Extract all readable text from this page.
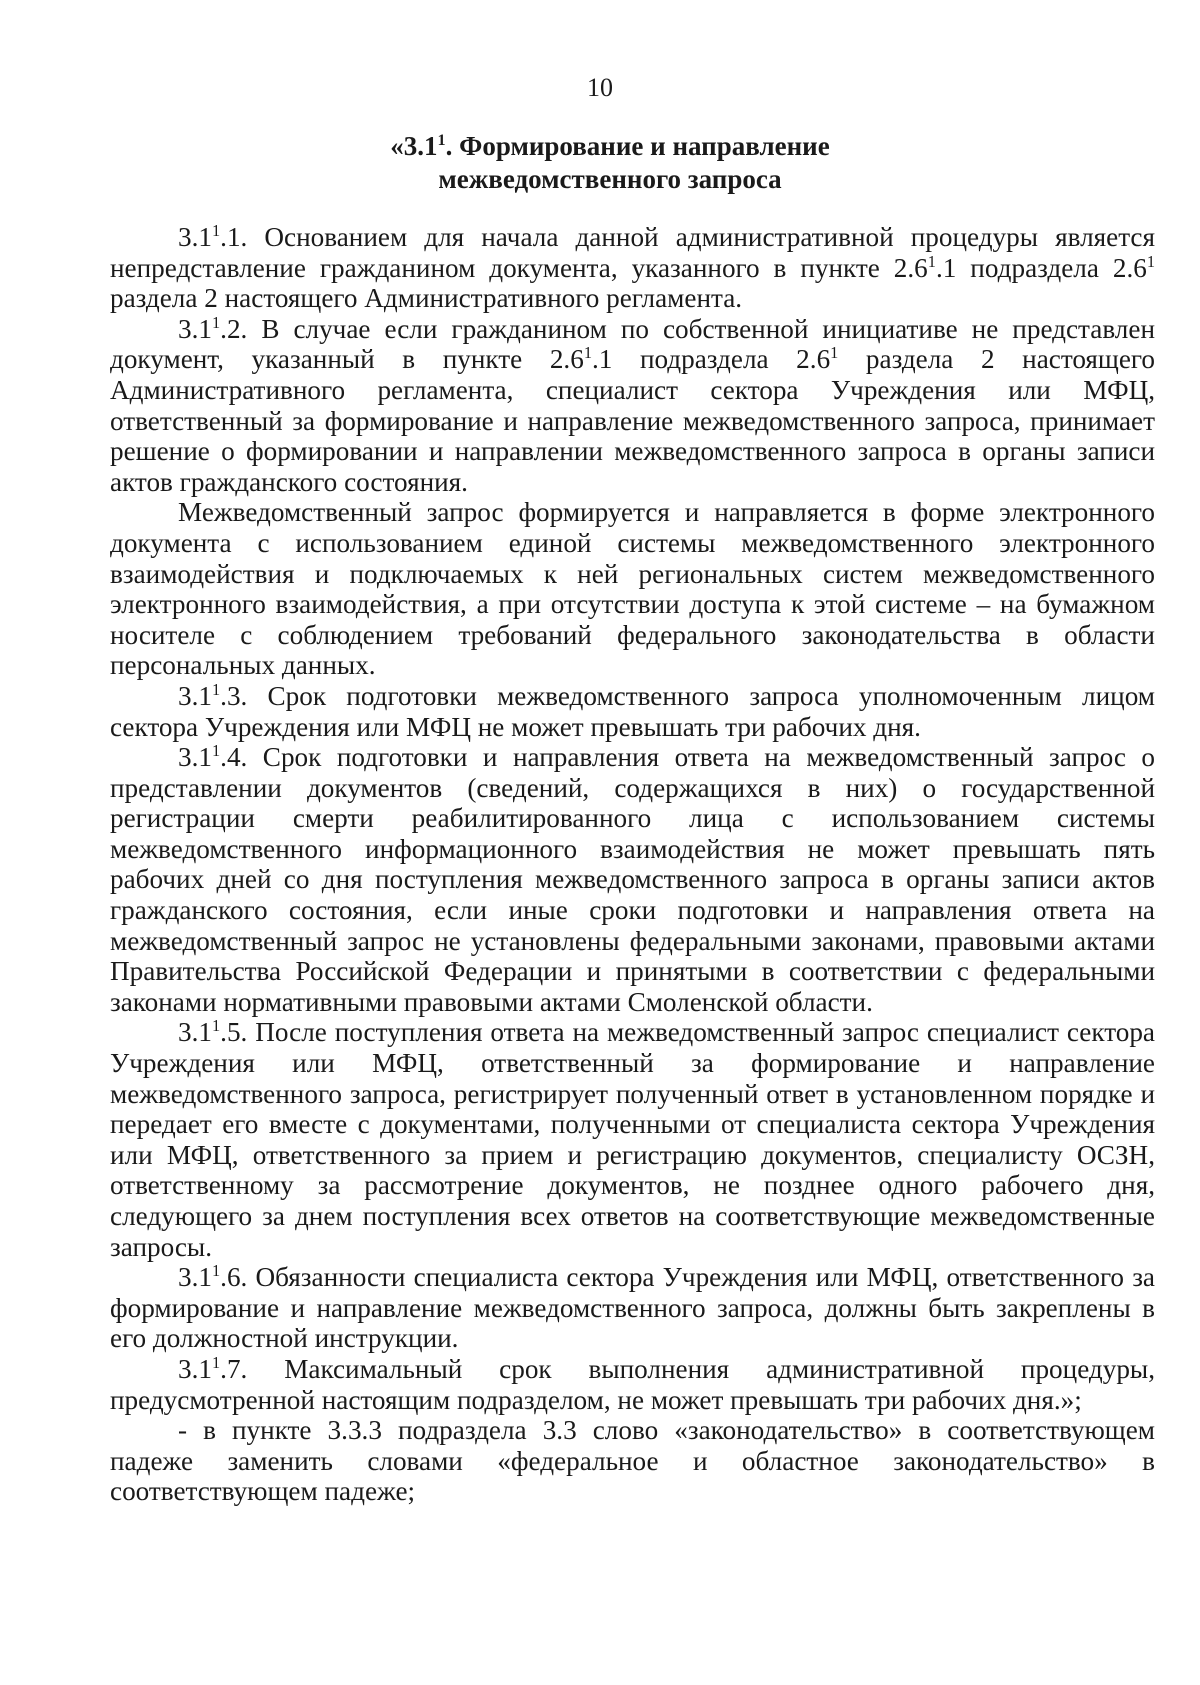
10
«$3.1^1$. Формирование и направление
межведомственного запроса

$3.1^1.1$. Основанием для начала данной административной процедуры является непредставление гражданином документа, указанного в пункте $2.6^1.1$ подраздела $2.6^1$ раздела 2 настоящего Административного регламента.

$3.1^1.2$. В случае если гражданином по собственной инициативе не представлен документ, указанный в пункте $2.6^1.1$ подраздела $2.6^1$ раздела 2 настоящего Административного регламента, специалист сектора Учреждения или МФЦ, ответственный за формирование и направление межведомственного запроса, принимает решение о формировании и направлении межведомственного запроса в органы записи актов гражданского состояния.

Межведомственный запрос формируется и направляется в форме электронного документа с использованием единой системы межведомственного электронного взаимодействия и подключаемых к ней региональных систем межведомственного электронного взаимодействия, а при отсутствии доступа к этой системе – на бумажном носителе с соблюдением требований федерального законодательства в области персональных данных.

$3.1^1.3$. Срок подготовки межведомственного запроса уполномоченным лицом сектора Учреждения или МФЦ не может превышать три рабочих дня.

$3.1^1.4$. Срок подготовки и направления ответа на межведомственный запрос о представлении документов (сведений, содержащихся в них) о государственной регистрации смерти реабилитированного лица с использованием системы межведомственного информационного взаимодействия не может превышать пять рабочих дней со дня поступления межведомственного запроса в органы записи актов гражданского состояния, если иные сроки подготовки и направления ответа на межведомственный запрос не установлены федеральными законами, правовыми актами Правительства Российской Федерации и принятыми в соответствии с федеральными законами нормативными правовыми актами Смоленской области.

$3.1^1.5$. После поступления ответа на межведомственный запрос специалист сектора Учреждения или МФЦ, ответственный за формирование и направление межведомственного запроса, регистрирует полученный ответ в установленном порядке и передает его вместе с документами, полученными от специалиста сектора Учреждения или МФЦ, ответственного за прием и регистрацию документов, специалисту ОСЗН, ответственному за рассмотрение документов, не позднее одного рабочего дня, следующего за днем поступления всех ответов на соответствующие межведомственные запросы.

$3.1^1.6$. Обязанности специалиста сектора Учреждения или МФЦ, ответственного за формирование и направление межведомственного запроса, должны быть закреплены в его должностной инструкции.

$3.1^1.7$. Максимальный срок выполнения административной процедуры, предусмотренной настоящим подразделом, не может превышать три рабочих дня.»;

- в пункте 3.3.3 подраздела 3.3 слово «законодательство» в соответствующем падеже заменить словами «федеральное и областное законодательство» в соответствующем падеже;
